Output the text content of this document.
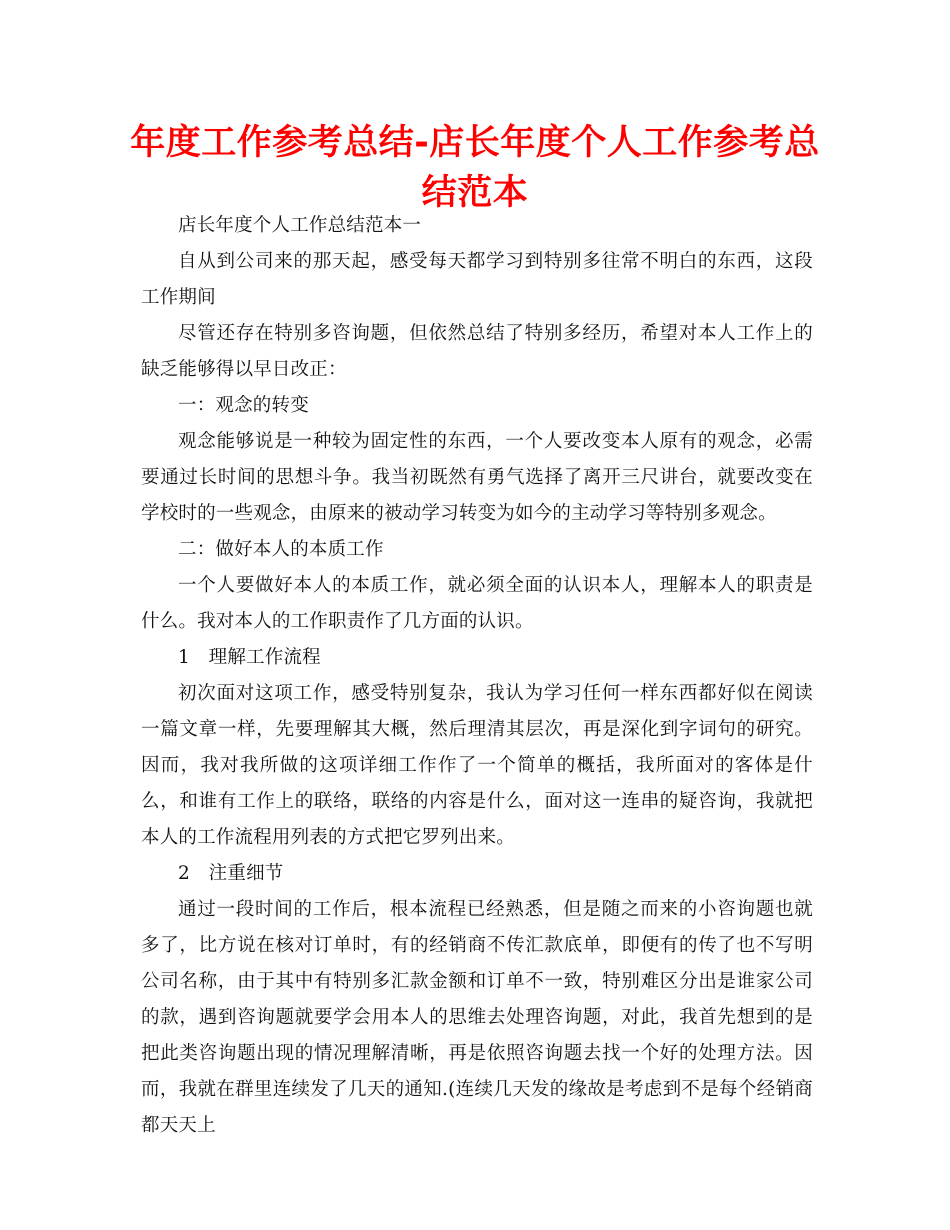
年度工作参考总结-店长年度个人工作参考总结范本

店长年度个人工作总结范本一

自从到公司来的那天起，感受每天都学习到特别多往常不明白的东西，这段工作期间

尽管还存在特别多咨询题，但依然总结了特别多经历，希望对本人工作上的缺乏能够得以早日改正：

一：观念的转变

观念能够说是一种较为固定性的东西，一个人要改变本人原有的观念，必需要通过长时间的思想斗争。我当初既然有勇气选择了离开三尺讲台，就要改变在学校时的一些观念，由原来的被动学习转变为如今的主动学习等特别多观念。

二：做好本人的本质工作

一个人要做好本人的本质工作，就必须全面的认识本人，理解本人的职责是什么。我对本人的工作职责作了几方面的认识。

1　理解工作流程

初次面对这项工作，感受特别复杂，我认为学习任何一样东西都好似在阅读一篇文章一样，先要理解其大概，然后理清其层次，再是深化到字词句的研究。因而，我对我所做的这项详细工作作了一个简单的概括，我所面对的客体是什么，和谁有工作上的联络，联络的内容是什么，面对这一连串的疑咨询，我就把本人的工作流程用列表的方式把它罗列出来。

2　注重细节

通过一段时间的工作后，根本流程已经熟悉，但是随之而来的小咨询题也就多了，比方说在核对订单时，有的经销商不传汇款底单，即便有的传了也不写明公司名称，由于其中有特别多汇款金额和订单不一致，特别难区分出是谁家公司的款，遇到咨询题就要学会用本人的思维去处理咨询题，对此，我首先想到的是把此类咨询题出现的情况理解清晰，再是依照咨询题去找一个好的处理方法。因而，我就在群里连续发了几天的通知.(连续几天发的缘故是考虑到不是每个经销商都天天上
